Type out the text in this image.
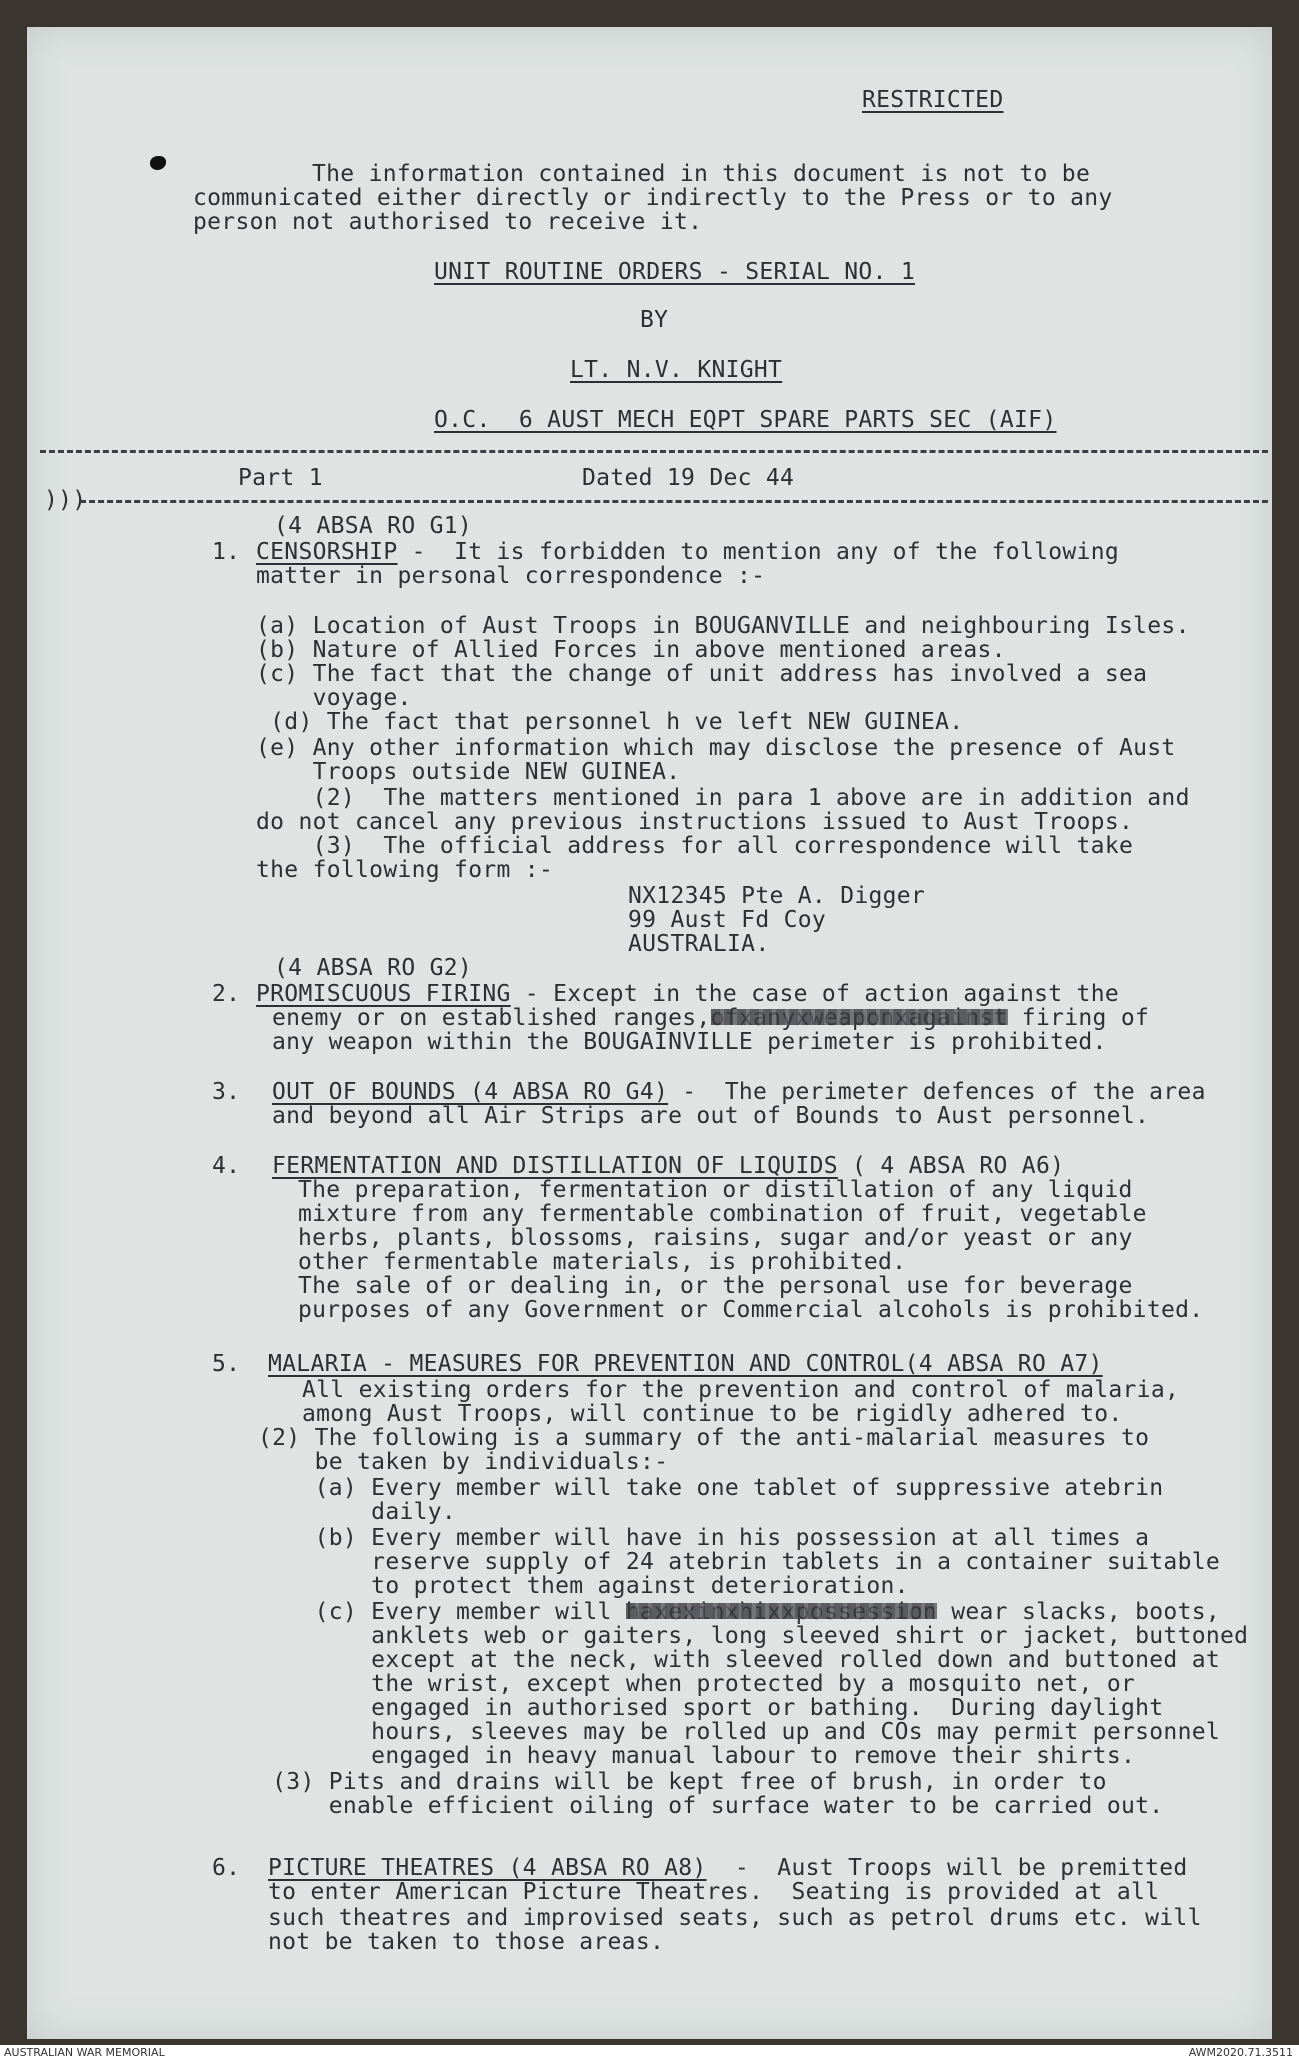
RESTRICTED
The information contained in this document is not to be
communicated either directly or indirectly to the Press or to any
person not authorised to receive it.
UNIT ROUTINE ORDERS - SERIAL NO. 1
BY
LT. N.V. KNIGHT
O.C.  6 AUST MECH EQPT SPARE PARTS SEC (AIF)
Part 1	Dated 19 Dec 44
)))
(4 ABSA RO G1)
1. CENSORSHIP -  It is forbidden to mention any of the following
matter in personal correspondence :-
(a) Location of Aust Troops in BOUGANVILLE and neighbouring Isles.
(b) Nature of Allied Forces in above mentioned areas.
(c) The fact that the change of unit address has involved a sea
voyage.
(d) The fact that personnel h ve left NEW GUINEA.
(e) Any other information which may disclose the presence of Aust
Troops outside NEW GUINEA.
(2)  The matters mentioned in para 1 above are in addition and
do not cancel any previous instructions issued to Aust Troops.
(3)  The official address for all correspondence will take
the following form :-
NX12345 Pte A. Digger
99 Aust Fd Coy
AUSTRALIA.
(4 ABSA RO G2)
2. PROMISCUOUS FIRING - Except in the case of action against the
enemy or on established ranges,	firing of
any weapon within the BOUGAINVILLE perimeter is prohibited.
3. OUT OF BOUNDS (4 ABSA RO G4) -  The perimeter defences of the area
and beyond all Air Strips are out of Bounds to Aust personnel.
4. FERMENTATION AND DISTILLATION OF LIQUIDS ( 4 ABSA RO A6)
The preparation, fermentation or distillation of any liquid
mixture from any fermentable combination of fruit, vegetable
herbs, plants, blossoms, raisins, sugar and/or yeast or any
other fermentable materials, is prohibited.
The sale of or dealing in, or the personal use for beverage
purposes of any Government or Commercial alcohols is prohibited.
5. MALARIA - MEASURES FOR PREVENTION AND CONTROL(4 ABSA RO A7)
All existing orders for the prevention and control of malaria,
among Aust Troops, will continue to be rigidly adhered to.
(2) The following is a summary of the anti-malarial measures to
be taken by individuals:-
(a) Every member will take one tablet of suppressive atebrin
daily.
(b) Every member will have in his possession at all times a
reserve supply of 24 atebrin tablets in a container suitable
to protect them against deterioration.
(c) Every member will	wear slacks, boots,
anklets web or gaiters, long sleeved shirt or jacket, buttoned
except at the neck, with sleeved rolled down and buttoned at
the wrist, except when protected by a mosquito net, or
engaged in authorised sport or bathing.  During daylight
hours, sleeves may be rolled up and COs may permit personnel
engaged in heavy manual labour to remove their shirts.
(3) Pits and drains will be kept free of brush, in order to
enable efficient oiling of surface water to be carried out.
6. PICTURE THEATRES (4 ABSA RO A8)  -  Aust Troops will be premitted
to enter American Picture Theatres.  Seating is provided at all
such theatres and improvised seats, such as petrol drums etc. will
not be taken to those areas.
AUSTRALIAN WAR MEMORIAL	AWM2020.71.3511
